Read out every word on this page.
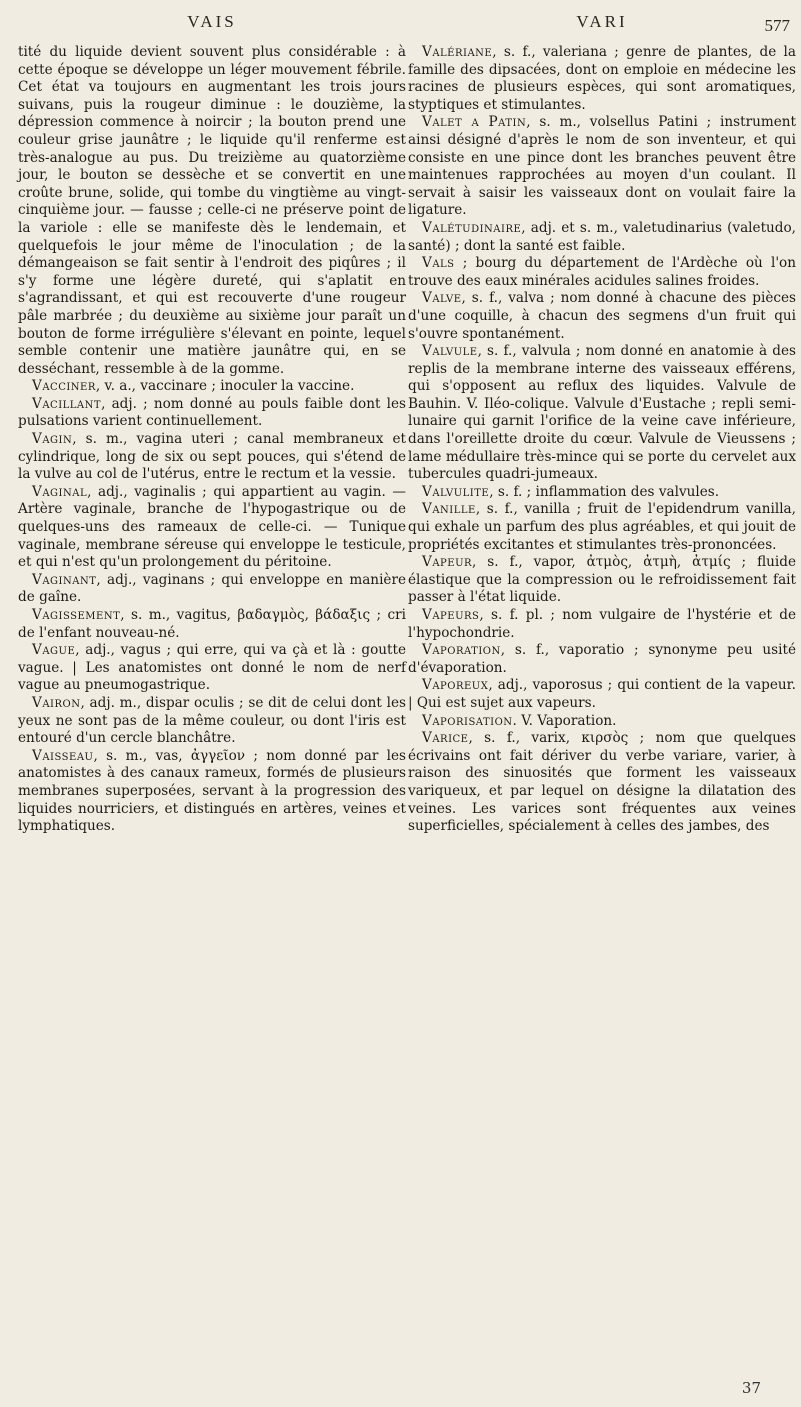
VAIS

tité du liquide devient souvent plus considérable : à cette époque se développe un léger mouvement fébrile. Cet état va toujours en augmentant les trois jours suivans, puis la rougeur diminue : le douzième, la dépression commence à noircir ; la bouton prend une couleur grise jaunâtre ; le liquide qu'il renferme est très-analogue au pus. Du treizième au quatorzième jour, le bouton se dessèche et se convertit en une croûte brune, solide, qui tombe du vingtième au vingt-cinquième jour. — fausse ; celle-ci ne préserve point de la variole : elle se manifeste dès le lendemain, et quelquefois le jour même de l'inoculation ; de la démangeaison se fait sentir à l'endroit des piqûres ; il s'y forme une légère dureté, qui s'aplatit en s'agrandissant, et qui est recouverte d'une rougeur pâle marbrée ; du deuxième au sixième jour paraît un bouton de forme irrégulière s'élevant en pointe, lequel semble contenir une matière jaunâtre qui, en se desséchant, ressemble à de la gomme.

Vacciner, v. a., vaccinare ; inoculer la vaccine.

Vacillant, adj. ; nom donné au pouls faible dont les pulsations varient continuellement.

Vagin, s. m., vagina uteri ; canal membraneux et cylindrique, long de six ou sept pouces, qui s'étend de la vulve au col de l'utérus, entre le rectum et la vessie.

Vaginal, adj., vaginalis ; qui appartient au vagin. — Artère vaginale, branche de l'hypogastrique ou de quelques-uns des rameaux de celle-ci. — Tunique vaginale, membrane séreuse qui enveloppe le testicule, et qui n'est qu'un prolongement du péritoine.

Vaginant, adj., vaginans ; qui enveloppe en manière de gaîne.

Vagissement, s. m., vagitus, βαδαγμὸς, βάδαξις ; cri de l'enfant nouveau-né.

Vague, adj., vagus ; qui erre, qui va çà et là : goutte vague. | Les anatomistes ont donné le nom de nerf vague au pneumogastrique.

Vairon, adj. m., dispar oculis ; se dit de celui dont les yeux ne sont pas de la même couleur, ou dont l'iris est entouré d'un cercle blanchâtre.

Vaisseau, s. m., vas, ἀγγεῖον ; nom donné par les anatomistes à des canaux rameux, formés de plusieurs membranes superposées, servant à la progression des liquides nourriciers, et distingués en artères, veines et lymphatiques.

VARI	577

Valériane, s. f., valeriana ; genre de plantes, de la famille des dipsacées, dont on emploie en médecine les racines de plusieurs espèces, qui sont aromatiques, styptiques et stimulantes.

Valet a Patin, s. m., volsellus Patini ; instrument ainsi désigné d'après le nom de son inventeur, et qui consiste en une pince dont les branches peuvent être maintenues rapprochées au moyen d'un coulant. Il servait à saisir les vaisseaux dont on voulait faire la ligature.

Valétudinaire, adj. et s. m., valetudinarius (valetudo, santé) ; dont la santé est faible.

Vals ; bourg du département de l'Ardèche où l'on trouve des eaux minérales acidules salines froides.

Valve, s. f., valva ; nom donné à chacune des pièces d'une coquille, à chacun des segmens d'un fruit qui s'ouvre spontanément.

Valvule, s. f., valvula ; nom donné en anatomie à des replis de la membrane interne des vaisseaux efférens, qui s'opposent au reflux des liquides. Valvule de Bauhin. V. Iléo-colique. Valvule d'Eustache ; repli semi-lunaire qui garnit l'orifice de la veine cave inférieure, dans l'oreillette droite du cœur. Valvule de Vieussens ; lame médullaire très-mince qui se porte du cervelet aux tubercules quadri-jumeaux.

Valvulite, s. f. ; inflammation des valvules.

Vanille, s. f., vanilla ; fruit de l'epidendrum vanilla, qui exhale un parfum des plus agréables, et qui jouit de propriétés excitantes et stimulantes très-prononcées.

Vapeur, s. f., vapor, ἀτμὸς, ἀτμὴ, ἀτμίς ; fluide élastique que la compression ou le refroidissement fait passer à l'état liquide.

Vapeurs, s. f. pl. ; nom vulgaire de l'hystérie et de l'hypochondrie.

Vaporation, s. f., vaporatio ; synonyme peu usité d'évaporation.

Vaporeux, adj., vaporosus ; qui contient de la vapeur. | Qui est sujet aux vapeurs.

Vaporisation. V. Vaporation.

Varice, s. f., varix, κιρσὸς ; nom que quelques écrivains ont fait dériver du verbe variare, varier, à raison des sinuosités que forment les vaisseaux variqueux, et par lequel on désigne la dilatation des veines. Les varices sont fréquentes aux veines superficielles, spécialement à celles des jambes, des

37
